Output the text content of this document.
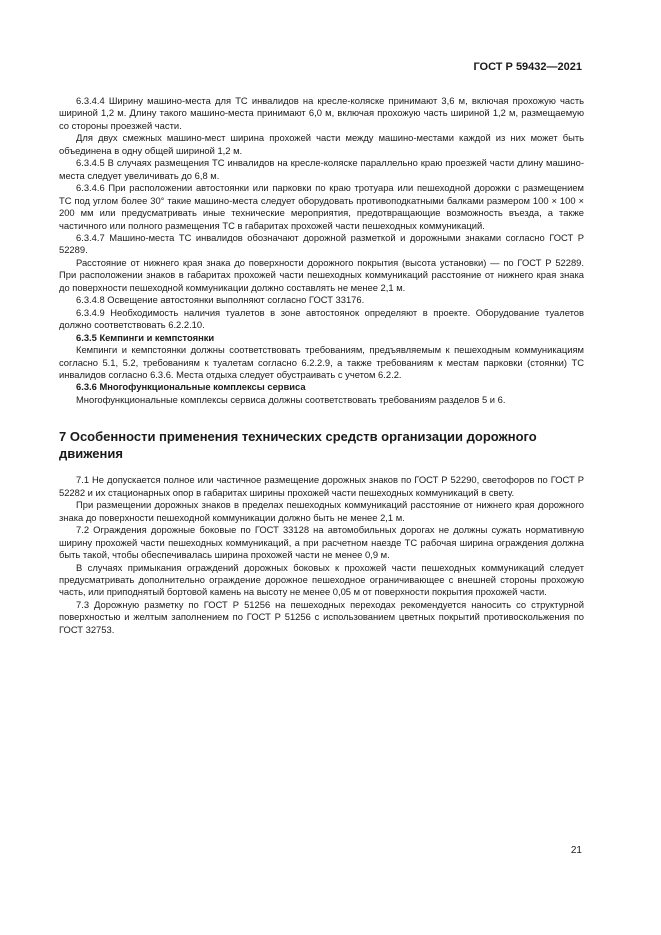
ГОСТ Р 59432—2021

6.3.4.4 Ширину машино-места для ТС инвалидов на кресле-коляске принимают 3,6 м, включая прохожую часть шириной 1,2 м. Длину такого машино-места принимают 6,0 м, включая прохожую часть шириной 1,2 м, размещаемую со стороны проезжей части.

Для двух смежных машино-мест ширина прохожей части между машино-местами каждой из них может быть объединена в одну общей шириной 1,2 м.

6.3.4.5 В случаях размещения ТС инвалидов на кресле-коляске параллельно краю проезжей части длину машино-места следует увеличивать до 6,8 м.

6.3.4.6 При расположении автостоянки или парковки по краю тротуара или пешеходной дорожки с размещением ТС под углом более 30° такие машино-места следует оборудовать противоподкатными балками размером 100 × 100 × 200 мм или предусматривать иные технические мероприятия, предотвращающие возможность въезда, а также частичного или полного размещения ТС в габаритах прохожей части пешеходных коммуникаций.

6.3.4.7 Машино-места ТС инвалидов обозначают дорожной разметкой и дорожными знаками согласно ГОСТ Р 52289.

Расстояние от нижнего края знака до поверхности дорожного покрытия (высота установки) — по ГОСТ Р 52289. При расположении знаков в габаритах прохожей части пешеходных коммуникаций расстояние от нижнего края знака до поверхности пешеходной коммуникации должно составлять не менее 2,1 м.

6.3.4.8 Освещение автостоянки выполняют согласно ГОСТ 33176.

6.3.4.9 Необходимость наличия туалетов в зоне автостоянок определяют в проекте. Оборудование туалетов должно соответствовать 6.2.2.10.

6.3.5 Кемпинги и кемпстоянки

Кемпинги и кемпстоянки должны соответствовать требованиям, предъявляемым к пешеходным коммуникациям согласно 5.1, 5.2, требованиям к туалетам согласно 6.2.2.9, а также требованиям к местам парковки (стоянки) ТС инвалидов согласно 6.3.6. Места отдыха следует обустраивать с учетом 6.2.2.

6.3.6 Многофункциональные комплексы сервиса

Многофункциональные комплексы сервиса должны соответствовать требованиям разделов 5 и 6.

7 Особенности применения технических средств организации дорожного движения

7.1 Не допускается полное или частичное размещение дорожных знаков по ГОСТ Р 52290, светофоров по ГОСТ Р 52282 и их стационарных опор в габаритах ширины прохожей части пешеходных коммуникаций в свету.

При размещении дорожных знаков в пределах пешеходных коммуникаций расстояние от нижнего края дорожного знака до поверхности пешеходной коммуникации должно быть не менее 2,1 м.

7.2 Ограждения дорожные боковые по ГОСТ 33128 на автомобильных дорогах не должны сужать нормативную ширину прохожей части пешеходных коммуникаций, а при расчетном наезде ТС рабочая ширина ограждения должна быть такой, чтобы обеспечивалась ширина прохожей части не менее 0,9 м.

В случаях примыкания ограждений дорожных боковых к прохожей части пешеходных коммуникаций следует предусматривать дополнительно ограждение дорожное пешеходное ограничивающее с внешней стороны прохожую часть, или приподнятый бортовой камень на высоту не менее 0,05 м от поверхности покрытия прохожей части.

7.3 Дорожную разметку по ГОСТ Р 51256 на пешеходных переходах рекомендуется наносить со структурной поверхностью и желтым заполнением по ГОСТ Р 51256 с использованием цветных покрытий противоскольжения по ГОСТ 32753.

21
